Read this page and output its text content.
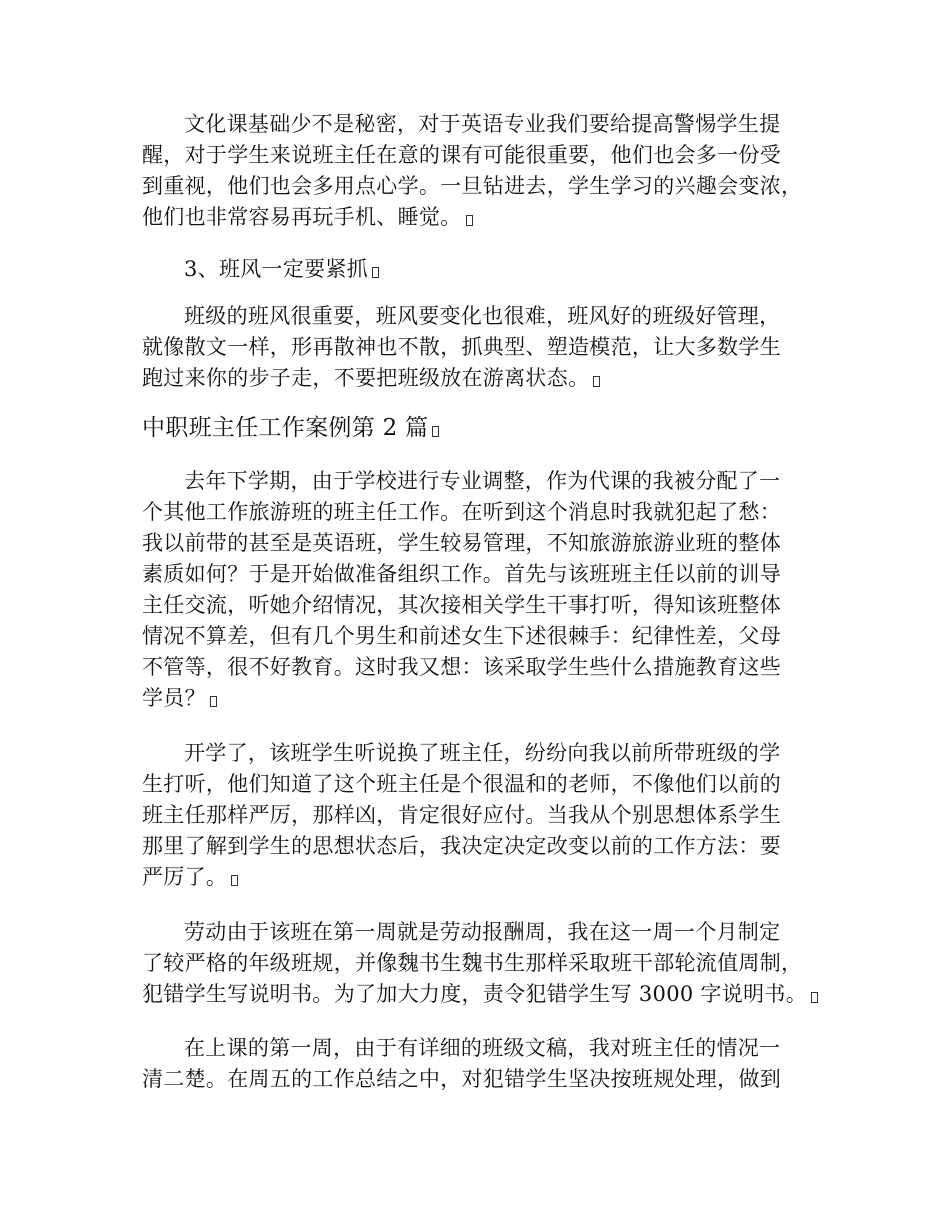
文化课基础少不是秘密，对于英语专业我们要给提高警惕学生提
醒，对于学生来说班主任在意的课有可能很重要，他们也会多一份受
到重视，他们也会多用点心学。一旦钻进去，学生学习的兴趣会变浓，
他们也非常容易再玩手机、睡觉。
3、班风一定要紧抓
班级的班风很重要，班风要变化也很难，班风好的班级好管理，
就像散文一样，形再散神也不散，抓典型、塑造模范，让大多数学生
跑过来你的步子走，不要把班级放在游离状态。
中职班主任工作案例第 2 篇
去年下学期，由于学校进行专业调整，作为代课的我被分配了一
个其他工作旅游班的班主任工作。在听到这个消息时我就犯起了愁：
我以前带的甚至是英语班，学生较易管理，不知旅游旅游业班的整体
素质如何？于是开始做准备组织工作。首先与该班班主任以前的训导
主任交流，听她介绍情况，其次接相关学生干事打听，得知该班整体
情况不算差，但有几个男生和前述女生下述很棘手：纪律性差，父母
不管等，很不好教育。这时我又想：该采取学生些什么措施教育这些
学员？
开学了，该班学生听说换了班主任，纷纷向我以前所带班级的学
生打听，他们知道了这个班主任是个很温和的老师，不像他们以前的
班主任那样严厉，那样凶，肯定很好应付。当我从个别思想体系学生
那里了解到学生的思想状态后，我决定决定改变以前的工作方法：要
严厉了。
劳动由于该班在第一周就是劳动报酬周，我在这一周一个月制定
了较严格的年级班规，并像魏书生魏书生那样采取班干部轮流值周制，
犯错学生写说明书。为了加大力度，责令犯错学生写 3000 字说明书。
在上课的第一周，由于有详细的班级文稿，我对班主任的情况一
清二楚。在周五的工作总结之中，对犯错学生坚决按班规处理，做到
